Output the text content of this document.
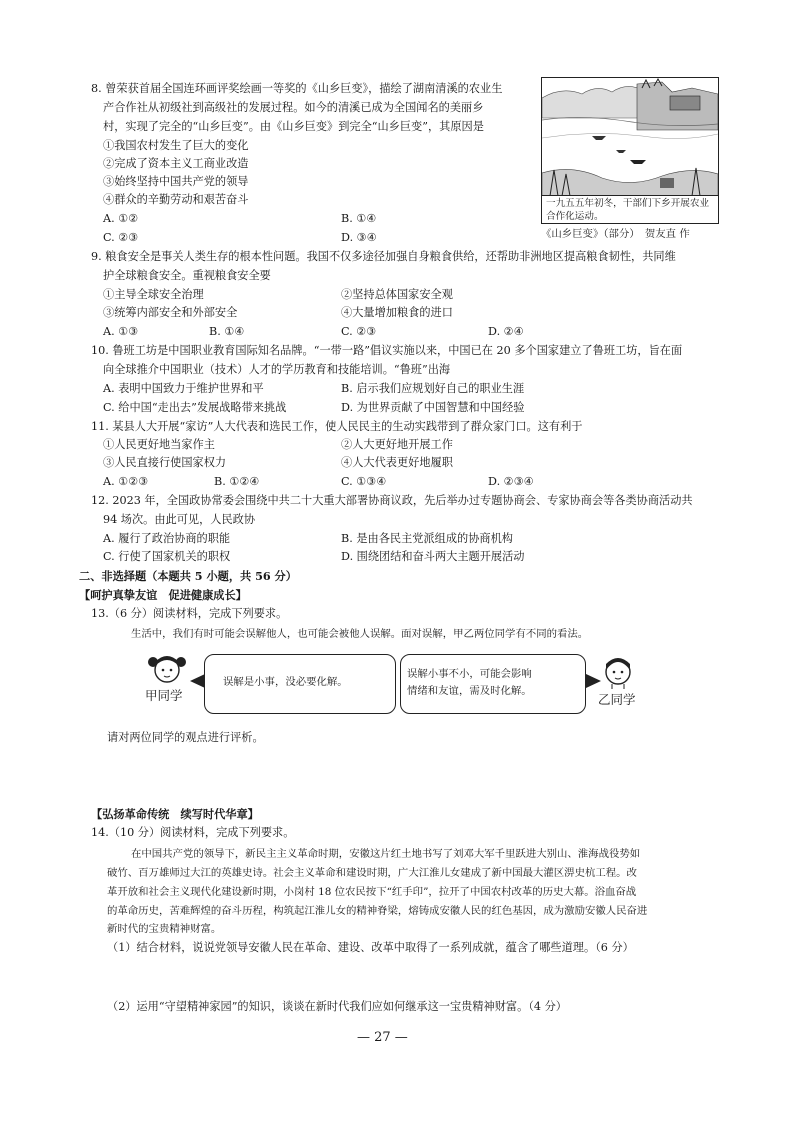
8. 曾荣获首届全国连环画评奖绘画一等奖的《山乡巨变》，描绘了湖南清溪的农业生
产合作社从初级社到高级社的发展过程。如今的清溪已成为全国闻名的美丽乡
村，实现了完全的“山乡巨变”。由《山乡巨变》到完全“山乡巨变”，其原因是
①我国农村发生了巨大的变化
②完成了资本主义工商业改造
③始终坚持中国共产党的领导
④群众的辛勤劳动和艰苦奋斗
A. ①②	B. ①④
C. ②③	D. ③④
一九五五年初冬，干部们下乡开展农业合作化运动。
《山乡巨变》（部分）　贺友直 作
9. 粮食安全是事关人类生存的根本性问题。我国不仅多途径加强自身粮食供给，还帮助非洲地区提高粮食韧性，共同维
护全球粮食安全。重视粮食安全要
①主导全球安全治理	②坚持总体国家安全观
③统筹内部安全和外部安全	④大量增加粮食的进口
A. ①③	B. ①④	C. ②③	D. ②④
10. 鲁班工坊是中国职业教育国际知名品牌。“一带一路”倡议实施以来，中国已在 20 多个国家建立了鲁班工坊，旨在面
向全球推介中国职业（技术）人才的学历教育和技能培训。“鲁班”出海
A. 表明中国致力于维护世界和平	B. 启示我们应规划好自己的职业生涯
C. 给中国“走出去”发展战略带来挑战	D. 为世界贡献了中国智慧和中国经验
11. 某县人大开展“家访”人大代表和选民工作，使人民民主的生动实践带到了群众家门口。这有利于
①人民更好地当家作主	②人大更好地开展工作
③人民直接行使国家权力	④人大代表更好地履职
A. ①②③	B. ①②④	C. ①③④	D. ②③④
12. 2023 年，全国政协常委会围绕中共二十大重大部署协商议政，先后举办过专题协商会、专家协商会等各类协商活动共
94 场次。由此可见，人民政协
A. 履行了政治协商的职能	B. 是由各民主党派组成的协商机构
C. 行使了国家机关的职权	D. 围绕团结和奋斗两大主题开展活动
二、非选择题（本题共 5 小题，共 56 分）
【呵护真挚友谊　促进健康成长】
13.（6 分）阅读材料，完成下列要求。
生活中，我们有时可能会误解他人，也可能会被他人误解。面对误解，甲乙两位同学有不同的看法。
甲同学
误解是小事，没必要化解。
误解小事不小，可能会影响
情绪和友谊，需及时化解。
乙同学
请对两位同学的观点进行评析。
【弘扬革命传统　续写时代华章】
14.（10 分）阅读材料，完成下列要求。
在中国共产党的领导下，新民主主义革命时期，安徽这片红土地书写了刘邓大军千里跃进大别山、淮海战役势如
破竹、百万雄师过大江的英雄史诗。社会主义革命和建设时期，广大江淮儿女建成了新中国最大灌区淠史杭工程。改
革开放和社会主义现代化建设新时期，小岗村 18 位农民按下“红手印”，拉开了中国农村改革的历史大幕。浴血奋战
的革命历史，苦难辉煌的奋斗历程，构筑起江淮儿女的精神脊梁，熔铸成安徽人民的红色基因，成为激励安徽人民奋进
新时代的宝贵精神财富。
（1）结合材料，说说党领导安徽人民在革命、建设、改革中取得了一系列成就，蕴含了哪些道理。（6 分）
（2）运用“守望精神家园”的知识，谈谈在新时代我们应如何继承这一宝贵精神财富。（4 分）
— 27 —
